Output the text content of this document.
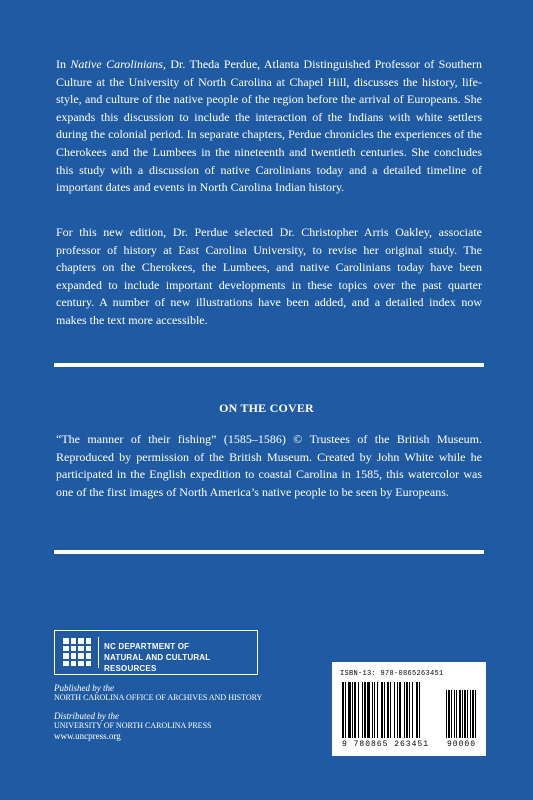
In Native Carolinians, Dr. Theda Perdue, Atlanta Distinguished Professor of Southern Culture at the University of North Carolina at Chapel Hill, discusses the history, life-style, and culture of the native people of the region before the arrival of Europeans. She expands this discussion to include the interaction of the Indians with white settlers during the colonial period. In separate chapters, Perdue chronicles the experiences of the Cherokees and the Lumbees in the nineteenth and twentieth centuries. She concludes this study with a discussion of native Carolinians today and a detailed timeline of important dates and events in North Carolina Indian history.

For this new edition, Dr. Perdue selected Dr. Christopher Arris Oakley, associate professor of history at East Carolina University, to revise her original study. The chapters on the Cherokees, the Lumbees, and native Carolinians today have been expanded to include important developments in these topics over the past quarter century. A number of new illustrations have been added, and a detailed index now makes the text more accessible.

ON THE COVER

“The manner of their fishing” (1585–1586) © Trustees of the British Museum. Reproduced by permission of the British Museum. Created by John White while he participated in the English expedition to coastal Carolina in 1585, this watercolor was one of the first images of North America’s native people to be seen by Europeans.

NC DEPARTMENT OF
NATURAL AND CULTURAL RESOURCES
Published by the
NORTH CAROLINA OFFICE OF ARCHIVES AND HISTORY
Distributed by the
UNIVERSITY OF NORTH CAROLINA PRESS
www.uncpress.org
ISBN-13: 978-0865263451
9 780865 263451 90000
